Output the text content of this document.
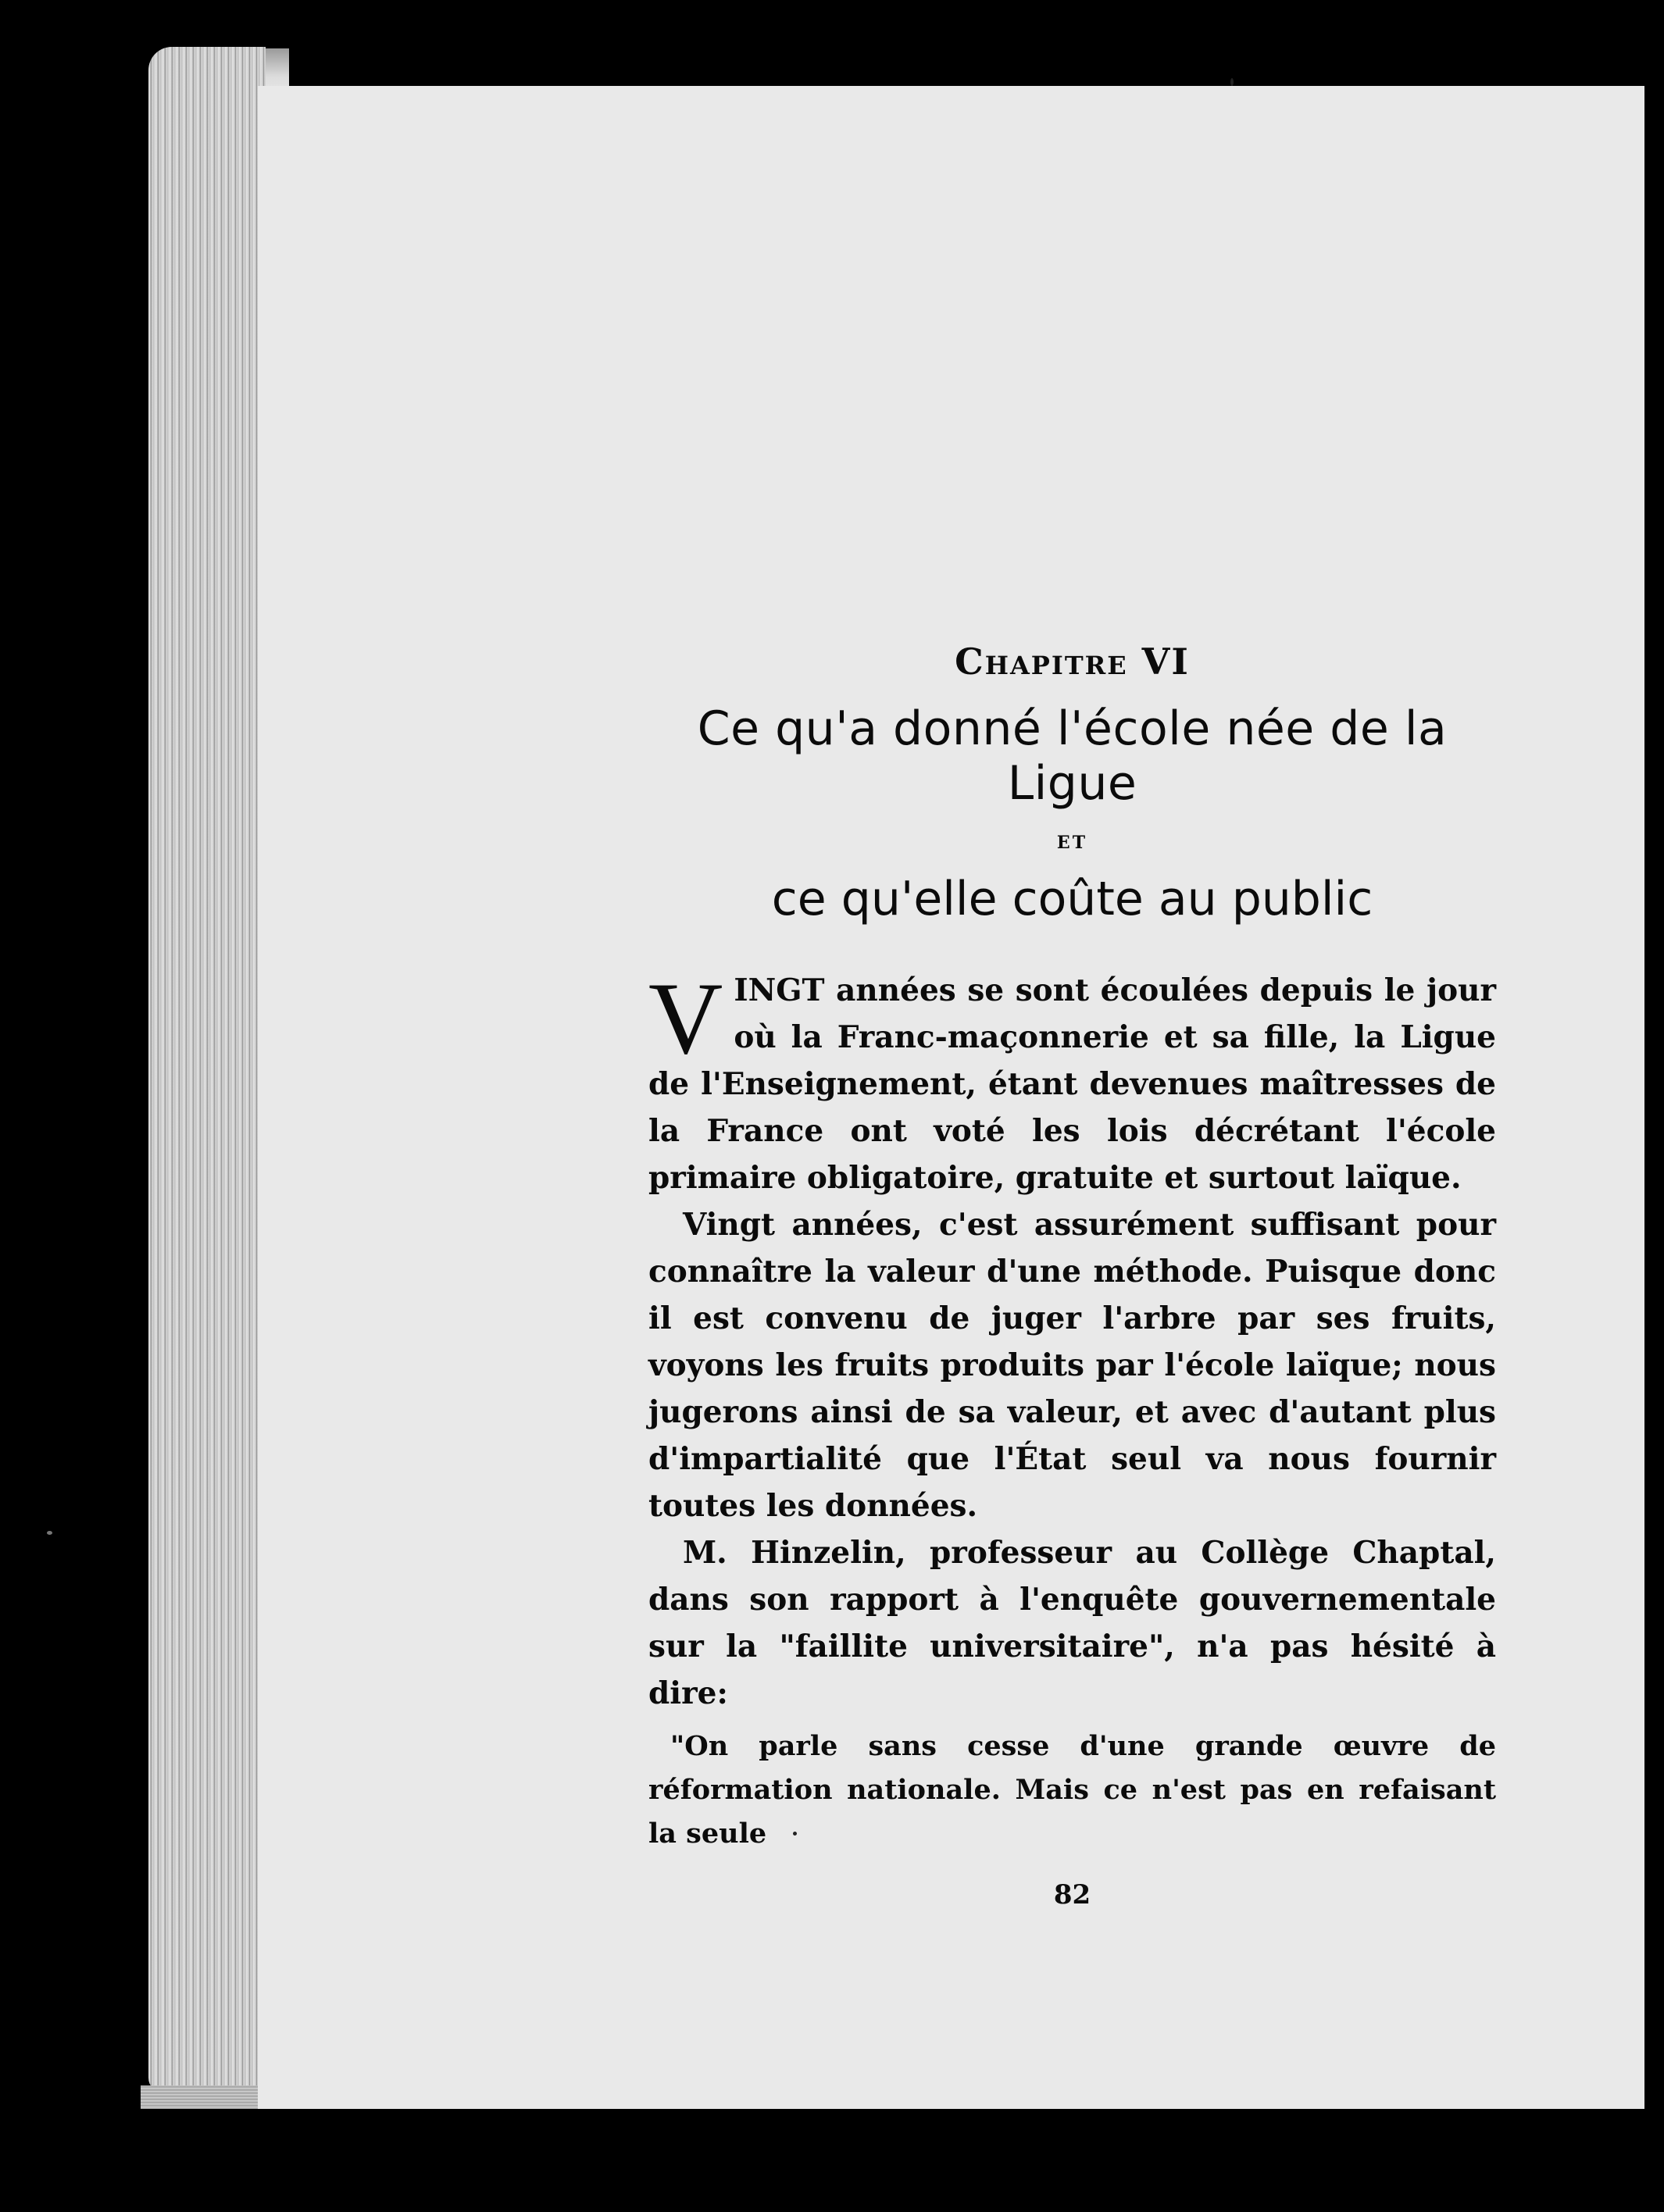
Chapitre VI
Ce qu'a donné l'école née de la Ligue
ET
ce qu'elle coûte au public

VINGT années se sont écoulées depuis le jour où la Franc-maçonnerie et sa fille, la Ligue de l'Enseignement, étant devenues maîtresses de la France ont voté les lois décrétant l'école primaire obligatoire, gratuite et surtout laïque.

Vingt années, c'est assurément suffisant pour connaître la valeur d'une méthode. Puisque donc il est convenu de juger l'arbre par ses fruits, voyons les fruits produits par l'école laïque; nous jugerons ainsi de sa valeur, et avec d'autant plus d'impartialité que l'État seul va nous fournir toutes les données.

M. Hinzelin, professeur au Collège Chaptal, dans son rapport à l'enquête gouvernementale sur la "faillite universitaire", n'a pas hésité à dire:

"On parle sans cesse d'une grande œuvre de réformation nationale. Mais ce n'est pas en refaisant la seule

82
